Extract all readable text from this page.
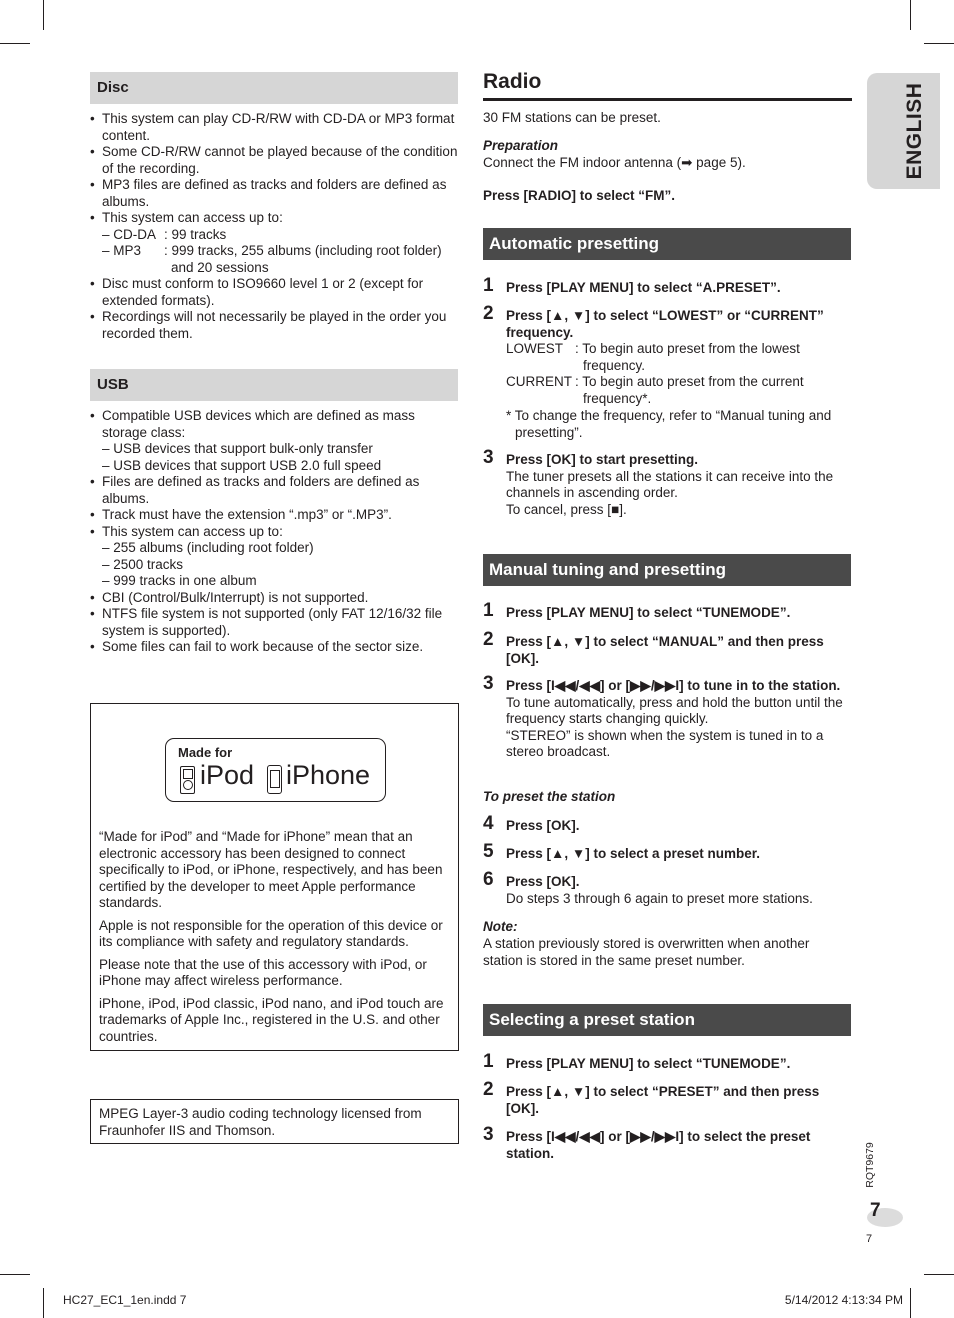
Disc
• This system can play CD-R/RW with CD-DA or MP3 format content.
• Some CD-R/RW cannot be played because of the condition of the recording.
• MP3 files are defined as tracks and folders are defined as albums.
• This system can access up to:
– CD-DA : 99 tracks
– MP3	: 999 tracks, 255 albums (including root folder) and 20 sessions
• Disc must conform to ISO9660 level 1 or 2 (except for extended formats).
• Recordings will not necessarily be played in the order you recorded them.
USB
• Compatible USB devices which are defined as mass storage class:
– USB devices that support bulk-only transfer
– USB devices that support USB 2.0 full speed
• Files are defined as tracks and folders are defined as albums.
• Track must have the extension “.mp3” or “.MP3”.
• This system can access up to:
– 255 albums (including root folder)
– 2500 tracks
– 999 tracks in one album
• CBI (Control/Bulk/Interrupt) is not supported.
• NTFS file system is not supported (only FAT 12/16/32 file system is supported).
• Some files can fail to work because of the sector size.
Made for
iPod iPhone

“Made for iPod” and “Made for iPhone” mean that an electronic accessory has been designed to connect specifically to iPod, or iPhone, respectively, and has been certified by the developer to meet Apple performance standards.

Apple is not responsible for the operation of this device or its compliance with safety and regulatory standards.

Please note that the use of this accessory with iPod, or iPhone may affect wireless performance.

iPhone, iPod, iPod classic, iPod nano, and iPod touch are trademarks of Apple Inc., registered in the U.S. and other countries.

MPEG Layer-3 audio coding technology licensed from Fraunhofer IIS and Thomson.
Radio
30 FM stations can be preset.
Preparation
Connect the FM indoor antenna (➡ page 5).
Press [RADIO] to select “FM”.
Automatic presetting
1 Press [PLAY MENU] to select “A.PRESET”.
2 Press [▲, ▼] to select “LOWEST” or “CURRENT” frequency.
LOWEST : To begin auto preset from the lowest frequency.
CURRENT : To begin auto preset from the current frequency*.
* To change the frequency, refer to “Manual tuning and presetting”.
3 Press [OK] to start presetting.
The tuner presets all the stations it can receive into the channels in ascending order.
To cancel, press [■].
Manual tuning and presetting
1 Press [PLAY MENU] to select “TUNEMODE”.
2 Press [▲, ▼] to select “MANUAL” and then press [OK].
3 Press [I◀◀/◀◀] or [▶▶/▶▶I] to tune in to the station.
To tune automatically, press and hold the button until the frequency starts changing quickly.
“STEREO” is shown when the system is tuned in to a stereo broadcast.
To preset the station
4 Press [OK].
5 Press [▲, ▼] to select a preset number.
6 Press [OK].
Do steps 3 through 6 again to preset more stations.
Note:
A station previously stored is overwritten when another station is stored in the same preset number.
Selecting a preset station
1 Press [PLAY MENU] to select “TUNEMODE”.
2 Press [▲, ▼] to select “PRESET” and then press [OK].
3 Press [I◀◀/◀◀] or [▶▶/▶▶I] to select the preset station.
ENGLISH
RQT9679
7
7
HC27_EC1_1en.indd 7	5/14/2012 4:13:34 PM
